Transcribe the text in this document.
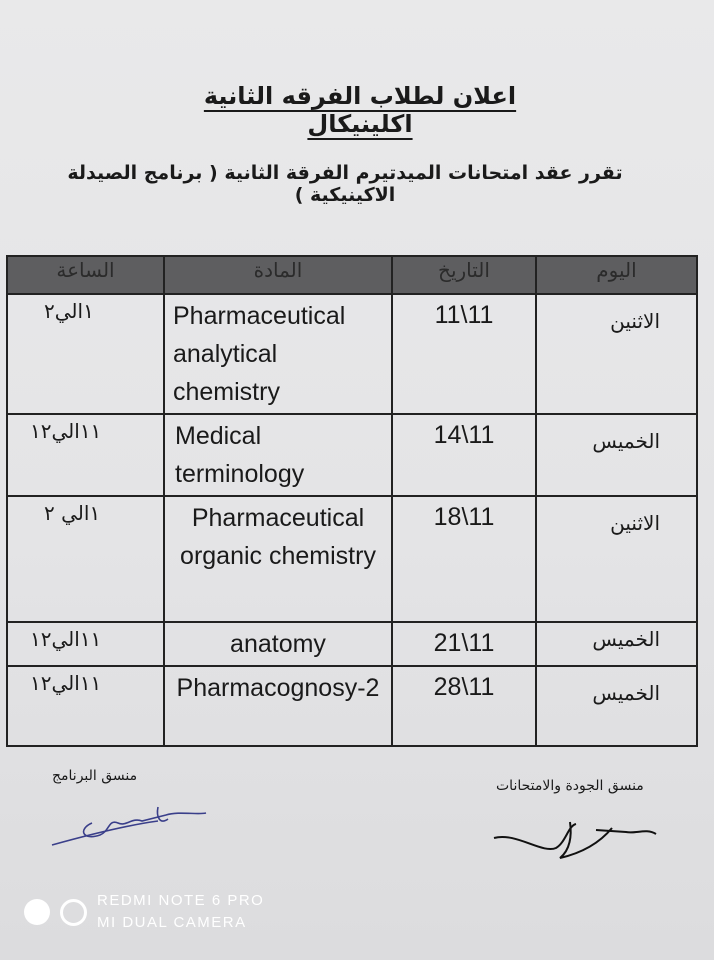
اعلان لطلاب الفرقه الثانية اكلينيكال
تقرر عقد امتحانات الميدتيرم الفرقة الثانية ( برنامج الصيدلة الاكينيكية )
الساعة	المادة	التاريخ	اليوم

١الي٢	Pharmaceutical analytical chemistry	11\11	الاثنين

١١الي١٢	Medical terminology	14\11	الخميس

١الي ٢	Pharmaceutical organic chemistry	18\11	الاثنين

١١الي١٢	anatomy	21\11	الخميس

١١الي١٢	Pharmacognosy-2	28\11	الخميس
منسق البرنامج
منسق الجودة والامتحانات
REDMI NOTE 6 PRO
MI DUAL CAMERA
